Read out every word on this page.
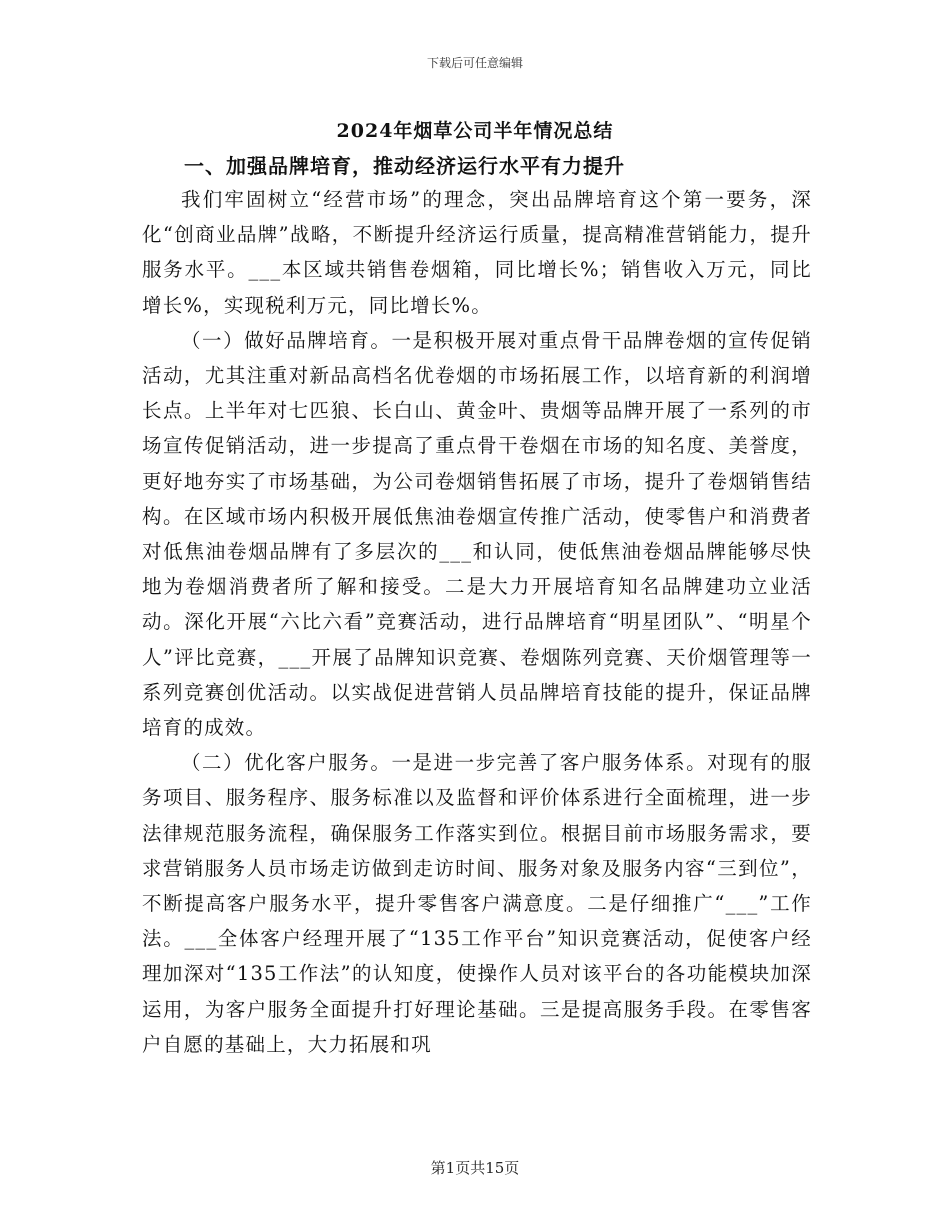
下载后可任意编辑
2024年烟草公司半年情况总结
一、加强品牌培育，推动经济运行水平有力提升

我们牢固树立“经营市场”的理念，突出品牌培育这个第一要务，深化“创商业品牌”战略，不断提升经济运行质量，提高精准营销能力，提升服务水平。___本区域共销售卷烟箱，同比增长%；销售收入万元，同比增长%，实现税利万元，同比增长%。

（一）做好品牌培育。一是积极开展对重点骨干品牌卷烟的宣传促销活动，尤其注重对新品高档名优卷烟的市场拓展工作，以培育新的利润增长点。上半年对七匹狼、长白山、黄金叶、贵烟等品牌开展了一系列的市场宣传促销活动，进一步提高了重点骨干卷烟在市场的知名度、美誉度，更好地夯实了市场基础，为公司卷烟销售拓展了市场，提升了卷烟销售结构。在区域市场内积极开展低焦油卷烟宣传推广活动，使零售户和消费者对低焦油卷烟品牌有了多层次的___和认同，使低焦油卷烟品牌能够尽快地为卷烟消费者所了解和接受。二是大力开展培育知名品牌建功立业活动。深化开展“六比六看”竞赛活动，进行品牌培育“明星团队”、“明星个人”评比竞赛，___开展了品牌知识竞赛、卷烟陈列竞赛、天价烟管理等一系列竞赛创优活动。以实战促进营销人员品牌培育技能的提升，保证品牌培育的成效。

（二）优化客户服务。一是进一步完善了客户服务体系。对现有的服务项目、服务程序、服务标准以及监督和评价体系进行全面梳理，进一步法律规范服务流程，确保服务工作落实到位。根据目前市场服务需求，要求营销服务人员市场走访做到走访时间、服务对象及服务内容“三到位”，不断提高客户服务水平，提升零售客户满意度。二是仔细推广“___”工作法。___全体客户经理开展了“135工作平台”知识竞赛活动，促使客户经理加深对“135工作法”的认知度，使操作人员对该平台的各功能模块加深运用，为客户服务全面提升打好理论基础。三是提高服务手段。在零售客户自愿的基础上，大力拓展和巩

第1页共15页
